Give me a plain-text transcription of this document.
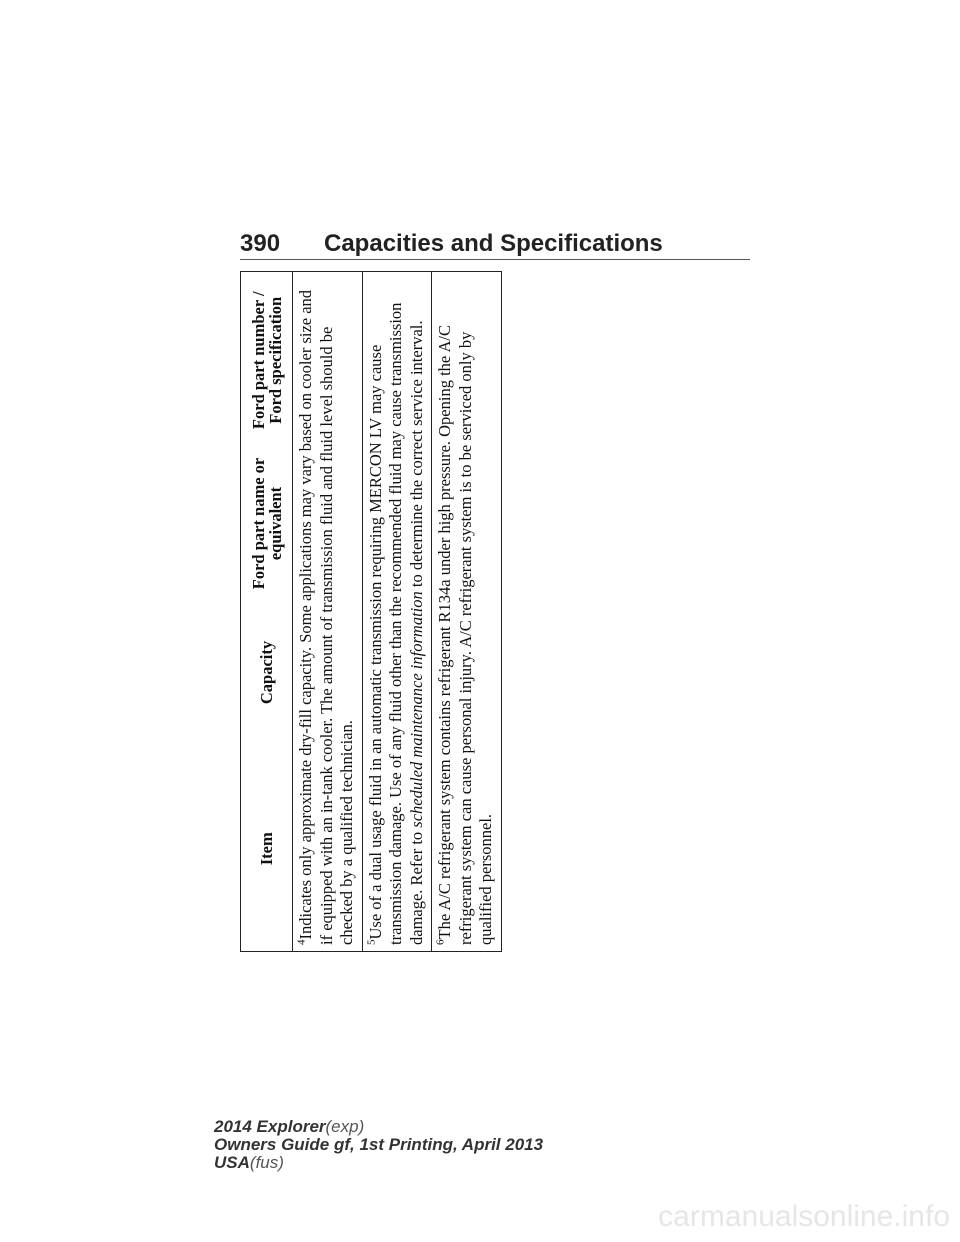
390 Capacities and Specifications
Item	Capacity	Ford part name or equivalent	Ford part number / Ford specification
$^4$Indicates only approximate dry-fill capacity. Some applications may vary based on cooler size and if equipped with an in-tank cooler. The amount of transmission fluid and fluid level should be checked by a qualified technician.
$^5$Use of a dual usage fluid in an automatic transmission requiring MERCON LV may cause transmission damage. Use of any fluid other than the recommended fluid may cause transmission damage. Refer to scheduled maintenance information to determine the correct service interval.
$^6$The A/C refrigerant system contains refrigerant R134a under high pressure. Opening the A/C refrigerant system can cause personal injury. A/C refrigerant system is to be serviced only by qualified personnel.
2014 Explorer(exp)
Owners Guide gf, 1st Printing, April 2013
USA(fus)
carmanualsonline.info
